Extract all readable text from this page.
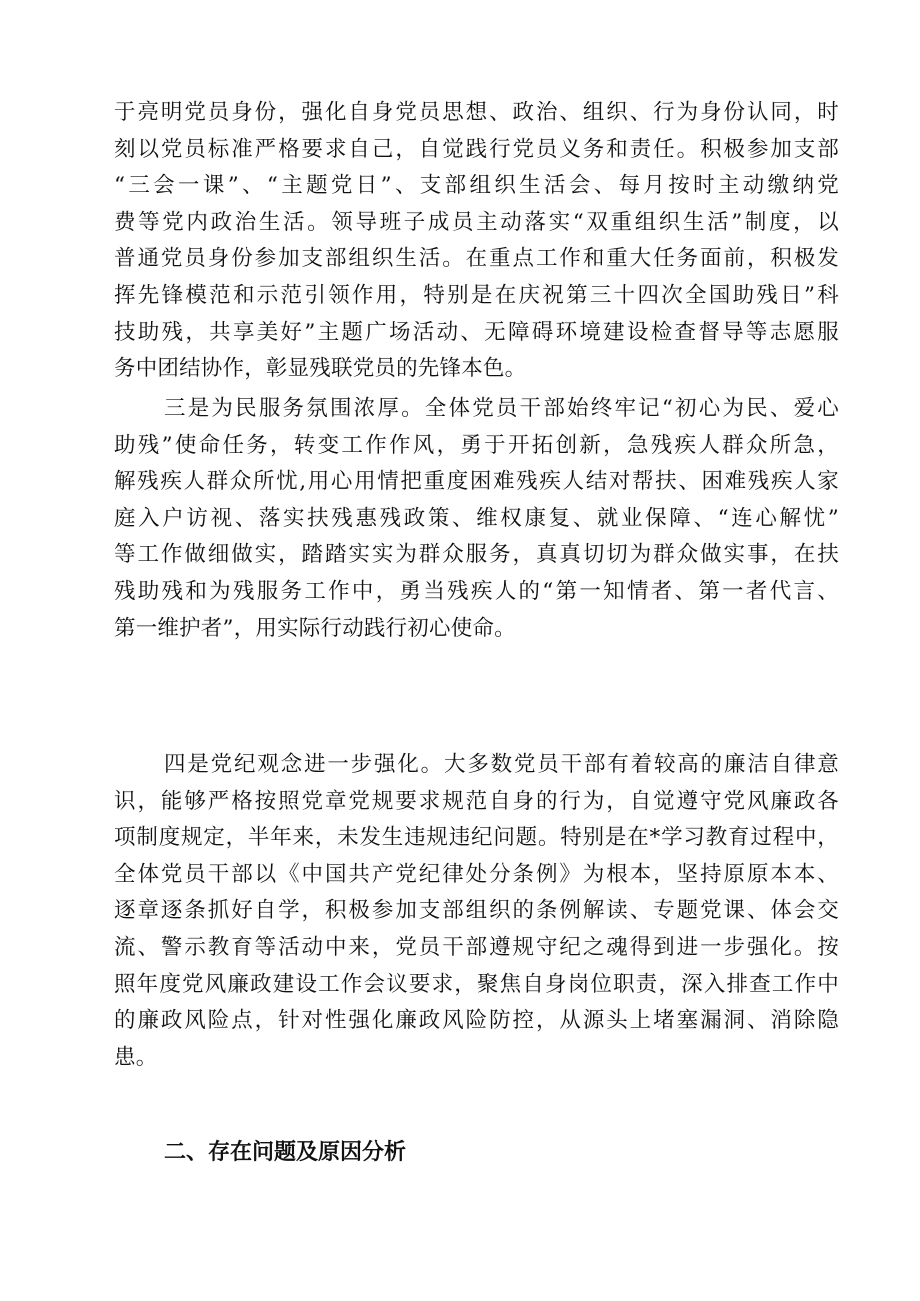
于亮明党员身份，强化自身党员思想、政治、组织、行为身份认同，时
刻以党员标准严格要求自己，自觉践行党员义务和责任。积极参加支部
“三会一课”、“主题党日”、支部组织生活会、每月按时主动缴纳党
费等党内政治生活。领导班子成员主动落实“双重组织生活”制度，以
普通党员身份参加支部组织生活。在重点工作和重大任务面前，积极发
挥先锋模范和示范引领作用，特别是在庆祝第三十四次全国助残日”科
技助残，共享美好”主题广场活动、无障碍环境建设检查督导等志愿服
务中团结协作，彰显残联党员的先锋本色。
三是为民服务氛围浓厚。全体党员干部始终牢记“初心为民、爱心
助残”使命任务，转变工作作风，勇于开拓创新，急残疾人群众所急，
解残疾人群众所忧,用心用情把重度困难残疾人结对帮扶、困难残疾人家
庭入户访视、落实扶残惠残政策、维权康复、就业保障、“连心解忧”
等工作做细做实，踏踏实实为群众服务，真真切切为群众做实事，在扶
残助残和为残服务工作中，勇当残疾人的“第一知情者、第一者代言、
第一维护者”，用实际行动践行初心使命。
四是党纪观念进一步强化。大多数党员干部有着较高的廉洁自律意
识，能够严格按照党章党规要求规范自身的行为，自觉遵守党风廉政各
项制度规定，半年来，未发生违规违纪问题。特别是在*学习教育过程中，
全体党员干部以《中国共产党纪律处分条例》为根本，坚持原原本本、
逐章逐条抓好自学，积极参加支部组织的条例解读、专题党课、体会交
流、警示教育等活动中来，党员干部遵规守纪之魂得到进一步强化。按
照年度党风廉政建设工作会议要求，聚焦自身岗位职责，深入排查工作中
的廉政风险点，针对性强化廉政风险防控，从源头上堵塞漏洞、消除隐
患。
二、存在问题及原因分析
